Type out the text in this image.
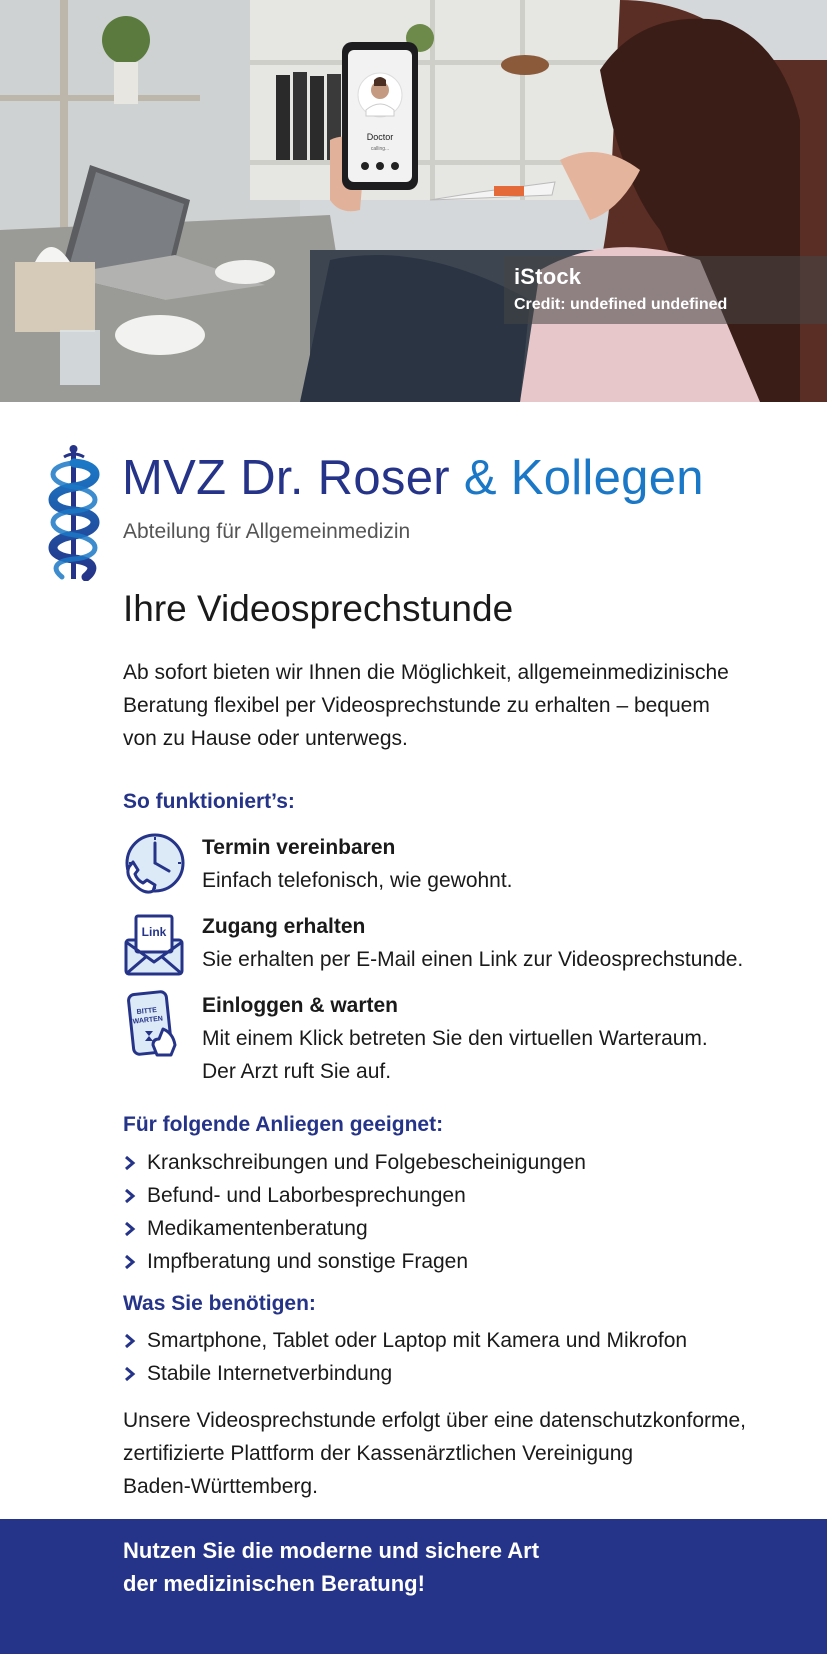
Doctor
calling...
iStock
Credit: undefined undefined
MVZ Dr. Roser & Kollegen
Abteilung für Allgemeinmedizin
Ihre Videosprechstunde
Ab sofort bieten wir Ihnen die Möglichkeit, allgemeinmedizinische
Beratung flexibel per Videosprechstunde zu erhalten – bequem
von zu Hause oder unterwegs.
So funktioniert’s:
Termin vereinbaren
Einfach telefonisch, wie gewohnt.
Link Zugang erhalten
Sie erhalten per E-Mail einen Link zur Videosprechstunde.
BITTE
WARTEN
Einloggen & warten
Mit einem Klick betreten Sie den virtuellen Warteraum.
Der Arzt ruft Sie auf.
Für folgende Anliegen geeignet:
Krankschreibungen und Folgebescheinigungen
Befund- und Laborbesprechungen
Medikamentenberatung
Impfberatung und sonstige Fragen
Was Sie benötigen:
Smartphone, Tablet oder Laptop mit Kamera und Mikrofon
Stabile Internetverbindung
Unsere Videosprechstunde erfolgt über eine datenschutzkonforme,
zertifizierte Plattform der Kassenärztlichen Vereinigung
Baden-Württemberg.
Nutzen Sie die moderne und sichere Art
der medizinischen Beratung!
